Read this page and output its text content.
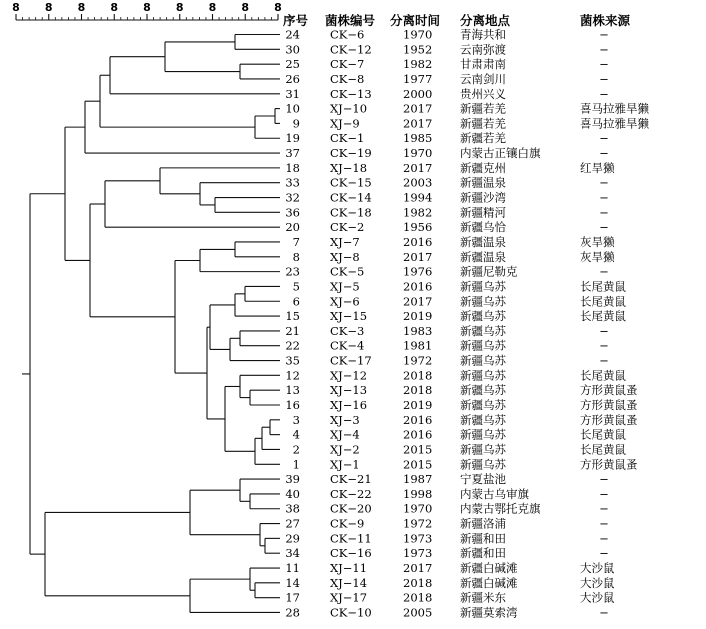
8 8 8 8 8 8 8 8 8
序号 菌株编号 分离时间 分离地点	菌株来源
24	CK−6	1970 青海共和	−
30	CK−12	1952 云南弥渡	−
25	CK−7	1982 甘肃肃南	−
26	CK−8	1977 云南剑川	−
31	CK−13	2000 贵州兴义	−
10	XJ−10	2017 新疆若羌	喜马拉雅旱獭
9	XJ−9	2017 新疆若羌	喜马拉雅旱獭
19	CK−1	1985 新疆若羌	−
37	CK−19	1970 内蒙古正镶白旗	−
18	XJ−18	2017 新疆克州	红旱獭
33	CK−15	2003 新疆温泉	−
32	CK−14	1994 新疆沙湾	−
36	CK−18	1982 新疆精河	−
20	CK−2	1956 新疆乌恰	−
7	XJ−7	2016 新疆温泉	灰旱獭
8	XJ−8	2017 新疆温泉	灰旱獭
23	CK−5	1976 新疆尼勒克	−
5	XJ−5	2016 新疆乌苏	长尾黄鼠
6	XJ−6	2017 新疆乌苏	长尾黄鼠
15	XJ−15	2019 新疆乌苏	长尾黄鼠
21	CK−3	1983 新疆乌苏	−
22	CK−4	1981 新疆乌苏	−
35	CK−17	1972 新疆乌苏	−
12	XJ−12	2018 新疆乌苏	长尾黄鼠
13	XJ−13	2018 新疆乌苏	方形黄鼠蚤
16	XJ−16	2019 新疆乌苏	方形黄鼠蚤
3	XJ−3	2016 新疆乌苏	方形黄鼠蚤
4	XJ−4	2016 新疆乌苏	长尾黄鼠
2	XJ−2	2015 新疆乌苏	长尾黄鼠
1	XJ−1	2015 新疆乌苏	方形黄鼠蚤
39	CK−21	1987 宁夏盐池	−
40	CK−22	1998 内蒙古乌审旗	−
38	CK−20	1970 内蒙古鄂托克旗	−
27	CK−9	1972 新疆洛浦	−
29	CK−11	1973 新疆和田	−
34	CK−16	1973 新疆和田	−
11	XJ−11	2017 新疆白碱滩	大沙鼠
14	XJ−14	2018 新疆白碱滩	大沙鼠
17	XJ−17	2018 新疆米东	大沙鼠
28	CK−10	2005 新疆莫索湾	−
